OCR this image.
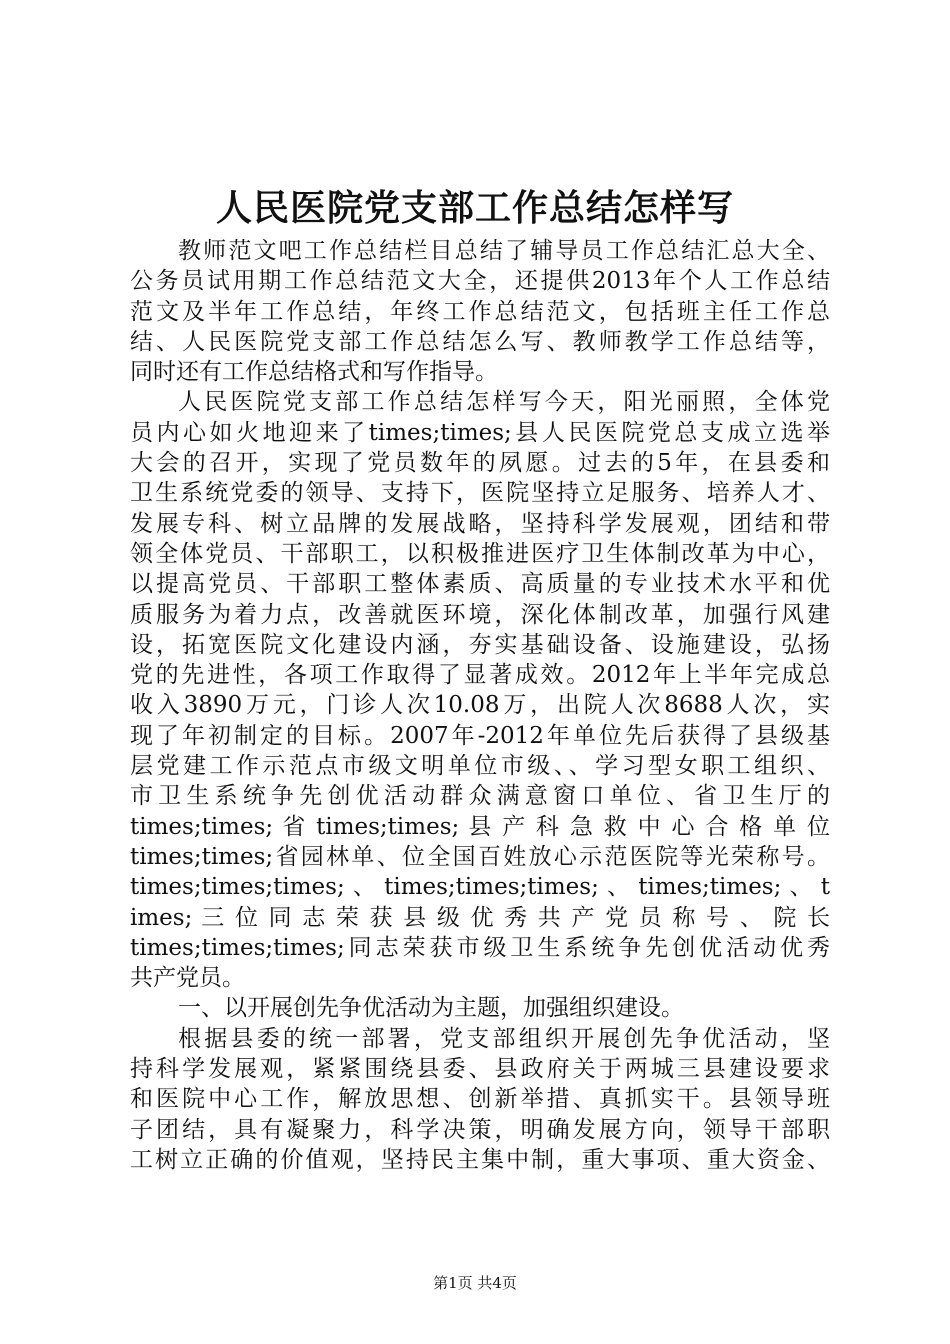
人民医院党支部工作总结怎样写
教师范文吧工作总结栏目总结了辅导员工作总结汇总大全、
公务员试用期工作总结范文大全，还提供2013年个人工作总结
范文及半年工作总结，年终工作总结范文，包括班主任工作总
结、人民医院党支部工作总结怎么写、教师教学工作总结等，
同时还有工作总结格式和写作指导。
人民医院党支部工作总结怎样写今天，阳光丽照，全体党
员内心如火地迎来了times;times;县人民医院党总支成立选举
大会的召开，实现了党员数年的夙愿。过去的5年，在县委和
卫生系统党委的领导、支持下，医院坚持立足服务、培养人才、
发展专科、树立品牌的发展战略，坚持科学发展观，团结和带
领全体党员、干部职工，以积极推进医疗卫生体制改革为中心，
以提高党员、干部职工整体素质、高质量的专业技术水平和优
质服务为着力点，改善就医环境，深化体制改革，加强行风建
设，拓宽医院文化建设内涵，夯实基础设备、设施建设，弘扬
党的先进性，各项工作取得了显著成效。2012年上半年完成总
收入3890万元，门诊人次10.08万，出院人次8688人次，实
现了年初制定的目标。2007年-2012年单位先后获得了县级基
层党建工作示范点市级文明单位市级、、学习型女职工组织、
市卫生系统争先创优活动群众满意窗口单位、省卫生厅的
times;times; 省 times;times; 县 产 科 急 救 中 心 合 格 单 位
times;times;省园林单、位全国百姓放心示范医院等光荣称号。
times;times;times;、times;times;times;、times;times;、t
imes; 三 位 同 志 荣 获 县 级 优 秀 共 产 党 员 称 号 、 院 长
times;times;times;同志荣获市级卫生系统争先创优活动优秀
共产党员。
一、以开展创先争优活动为主题，加强组织建设。
根据县委的统一部署，党支部组织开展创先争优活动，坚
持科学发展观，紧紧围绕县委、县政府关于两城三县建设要求
和医院中心工作，解放思想、创新举措、真抓实干。县领导班
子团结，具有凝聚力，科学决策，明确发展方向，领导干部职
工树立正确的价值观，坚持民主集中制，重大事项、重大资金、
第1页 共4页
